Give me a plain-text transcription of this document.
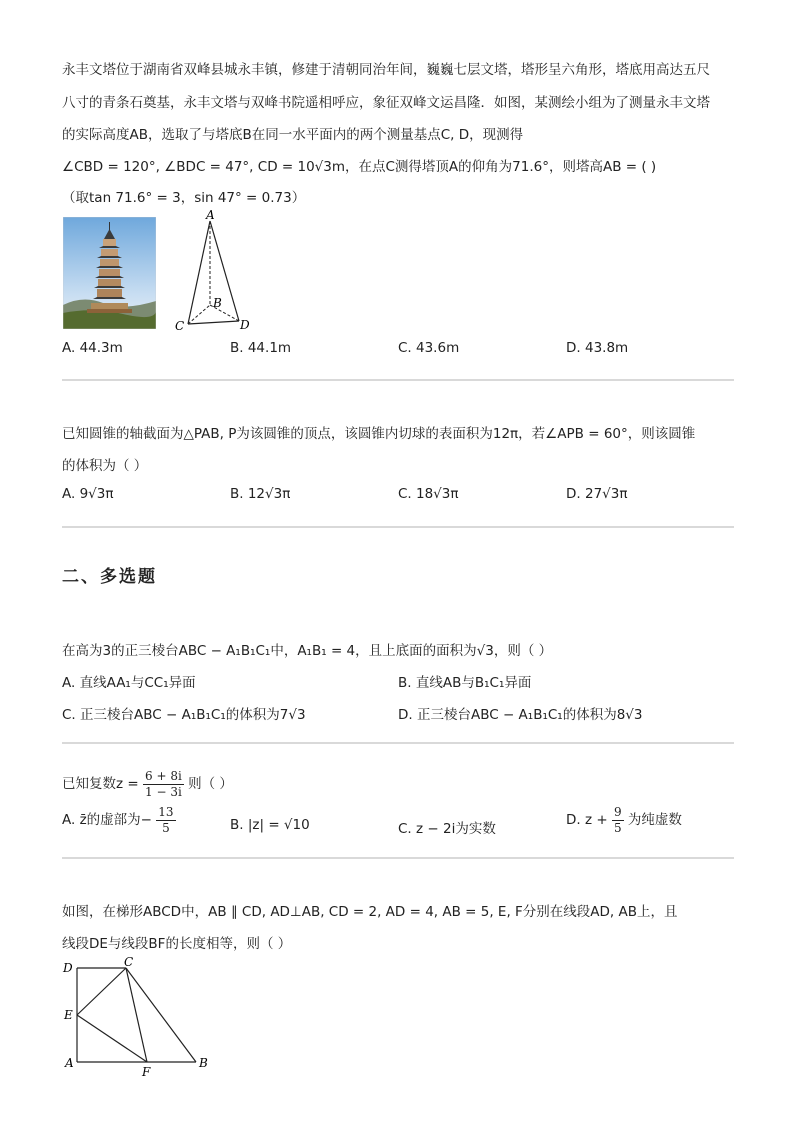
永丰文塔位于湖南省双峰县城永丰镇，修建于清朝同治年间，巍巍七层文塔，塔形呈六角形，塔底用高达五尺
八寸的青条石奠基，永丰文塔与双峰书院遥相呼应，象征双峰文运昌隆．如图，某测绘小组为了测量永丰文塔
的实际高度AB，选取了与塔底B在同一水平面内的两个测量基点C, D，现测得
∠CBD = 120°, ∠BDC = 47°, CD = 10√3m，在点C测得塔顶A的仰角为71.6°，则塔高AB = ( )
（取tan 71.6° = 3，sin 47° = 0.73）
A
B
C	D
A. 44.3m	B. 44.1m	C. 43.6m	D. 43.8m
已知圆锥的轴截面为△PAB, P为该圆锥的顶点，该圆锥内切球的表面积为12π，若∠APB = 60°，则该圆锥
的体积为（ ）
A. 9√3π	B. 12√3π	C. 18√3π	D. 27√3π
二、多选题
在高为3的正三棱台ABC − A₁B₁C₁中，A₁B₁ = 4，且上底面的面积为√3，则（ ）
A. 直线AA₁与CC₁异面	B. 直线AB与B₁C₁异面
C. 正三棱台ABC − A₁B₁C₁的体积为7√3	D. 正三棱台ABC − A₁B₁C₁的体积为8√3
已知复数$z = \frac{6 + 8i}{1 - 3i}$ 则（ ）
A. z̄的虚部为− $\frac{13}{5}$	B. |z| = √10	C. z − 2i为实数
D. $z + \frac{9}{5}$ 为纯虚数
如图，在梯形ABCD中，AB ∥ CD, AD⊥AB, CD = 2, AD = 4, AB = 5, E, F分别在线段AD, AB上，且
线段DE与线段BF的长度相等，则（ ）
D	C
E
A
F
B
